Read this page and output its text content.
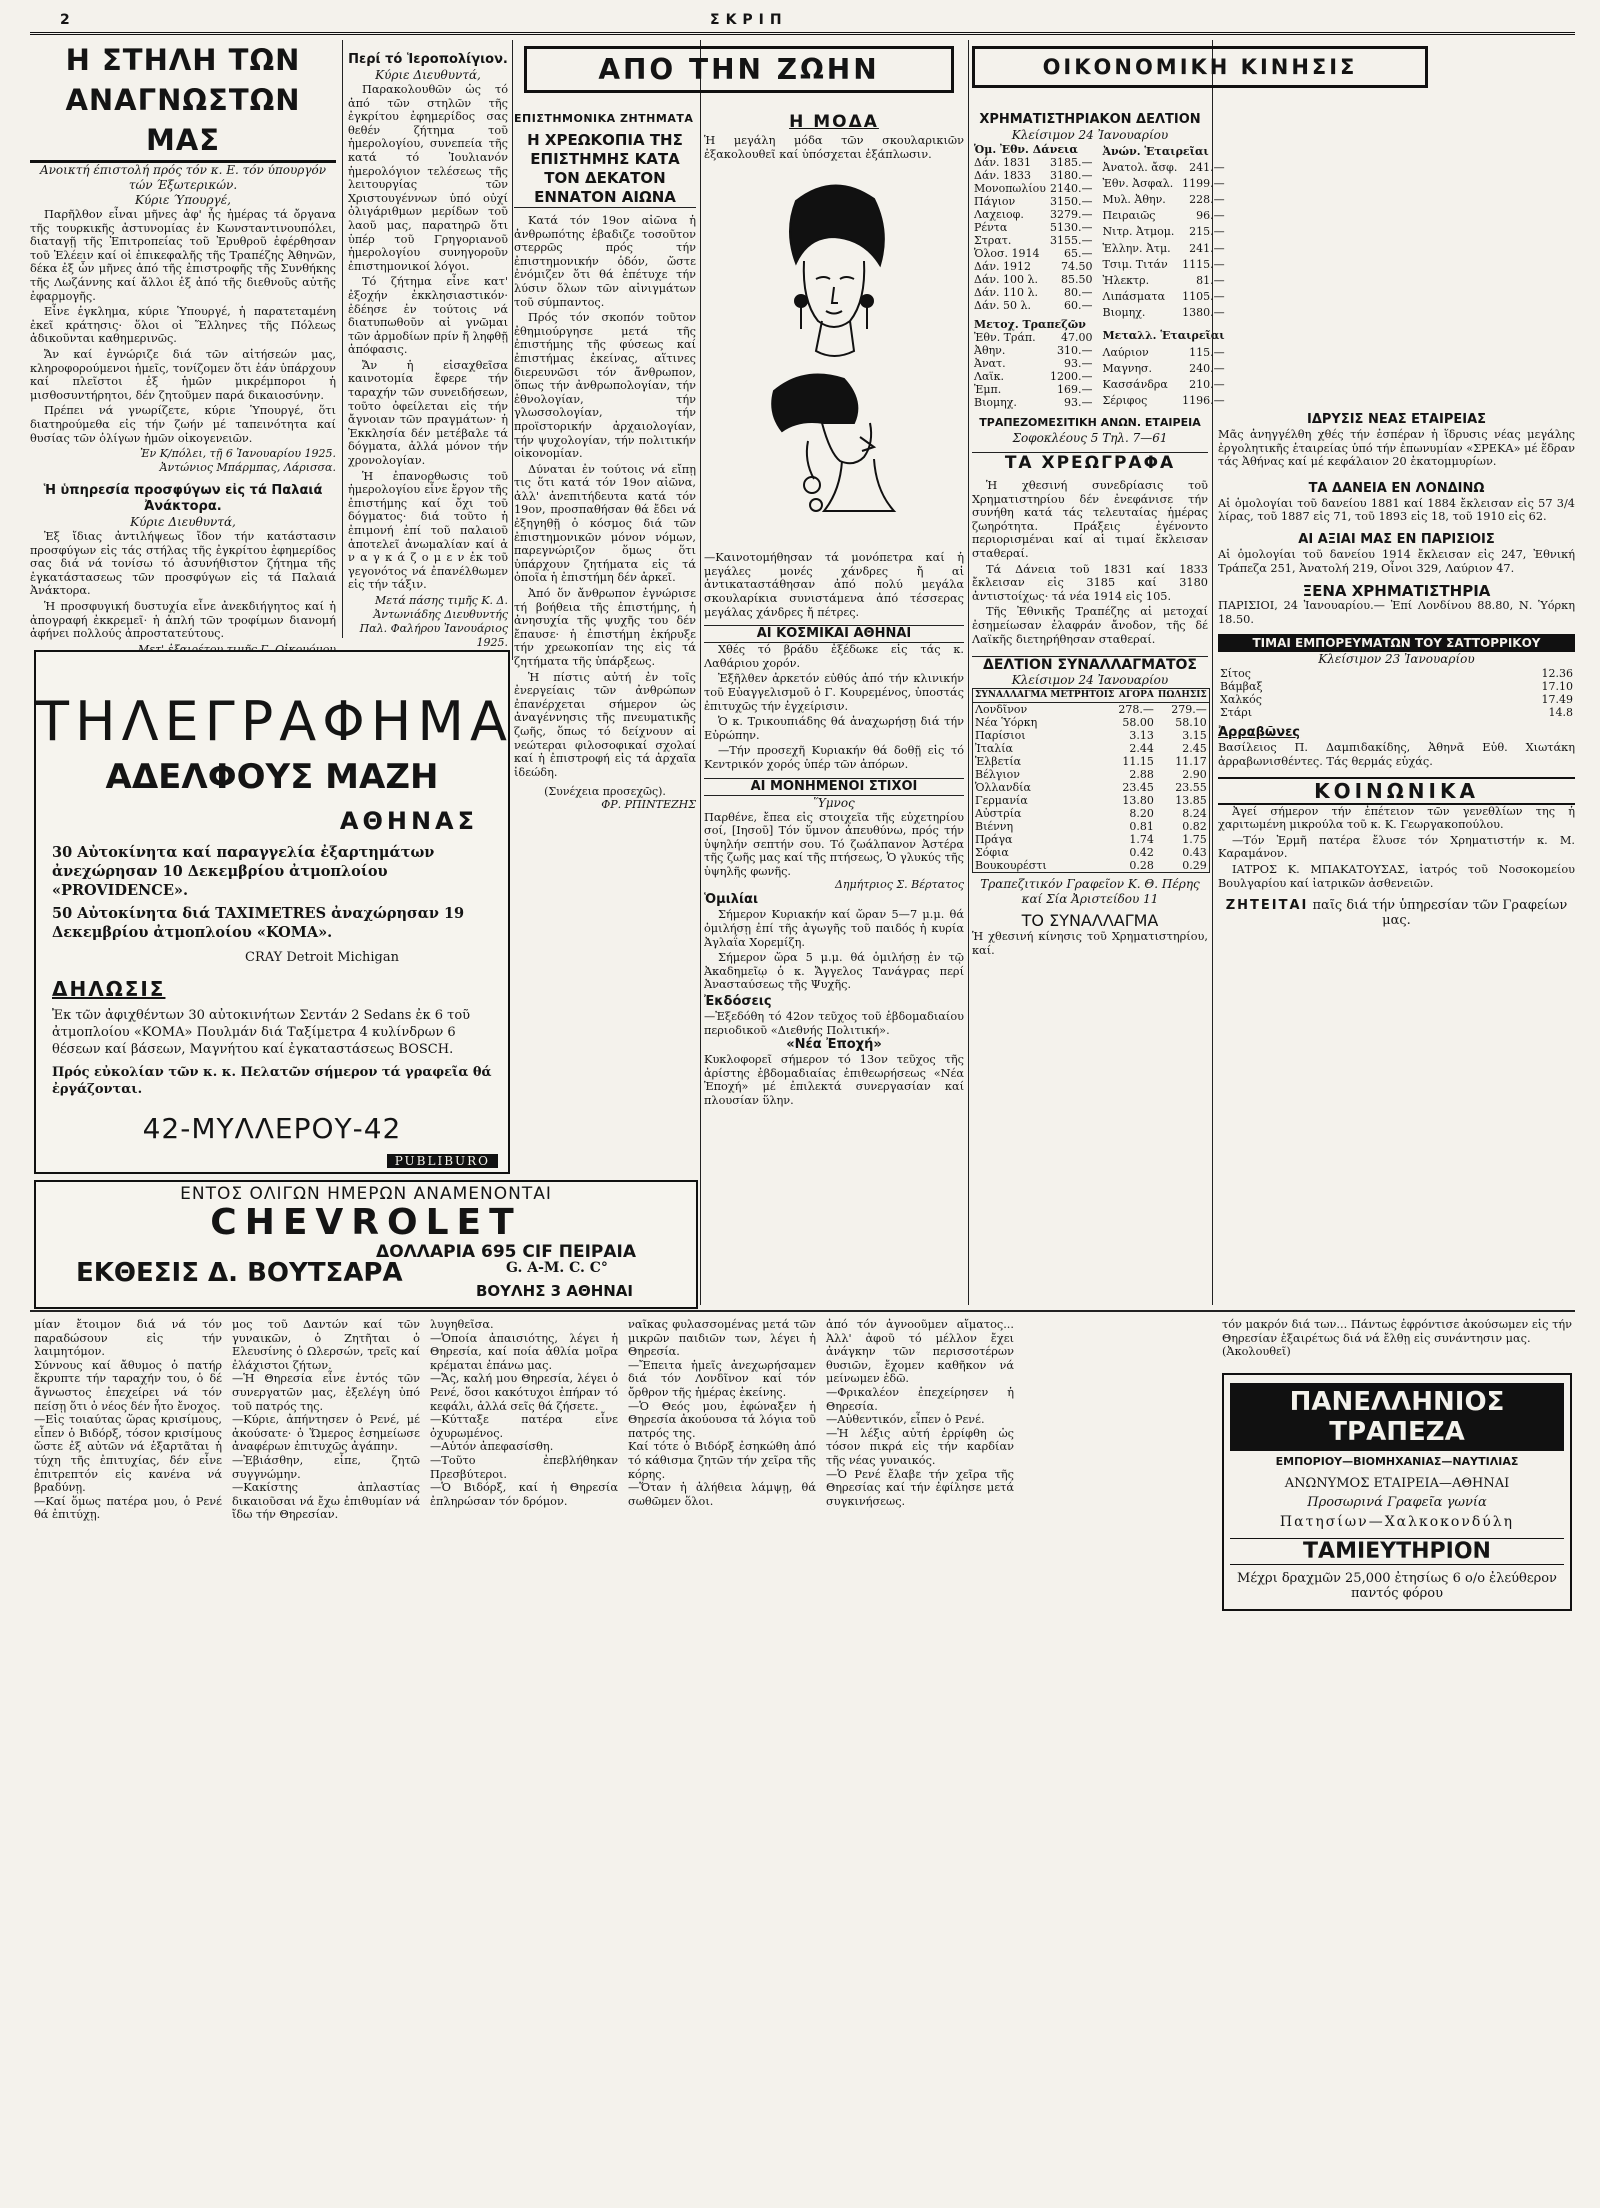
2	ΣΚΡΙΠ
Η ΣΤΗΛΗ ΤΩΝ ΑΝΑΓΝΩΣΤΩΝ ΜΑΣ
Ανοικτή έπιστολή πρός τόν κ. Ε. τόν ύπουργόν τών Έξωτερικών.
Κύριε Ύπουργέ,

Παρῆλθον εἶναι μῆνες ἀφ' ἧς ἡμέρας τά ὄργανα τῆς τουρκικῆς ἀστυνομίας ἐν Κωνσταντινουπόλει, διαταγῇ τῆς Ἐπιτροπείας τοῦ Ἐρυθροῦ ἐφέρθησαν τοῦ Ἐλέειν καί οἱ ἐπικεφαλῆς τῆς Τραπέζης Ἀθηνῶν, δέκα ἐξ ὧν μῆνες ἀπό τῆς ἐπιστροφῆς τῆς Συνθήκης τῆς Λωζάννης καί ἄλλοι ἐξ ἀπό τῆς διεθνοῦς αὐτῆς ἐφαρμογῆς.

Εἶνε ἐγκλημα, κύριε Ὑπουργέ, ἡ παρατεταμένη ἐκεῖ κράτησις· ὅλοι οἱ Ἕλληνες τῆς Πόλεως ἀδικοῦνται καθημερινῶς.

Ἄν καί ἐγνώριζε διά τῶν αἰτήσεών μας, κληροφορούμενοι ἡμεῖς, τονίζομεν ὅτι ἐάν ὑπάρχουν καί πλεῖστοι ἐξ ἡμῶν μικρέμποροι ἡ μισθοσυντήρητοι, δέν ζητοῦμεν παρά δικαιοσύνην.

Πρέπει νά γνωρίζετε, κύριε Ὑπουργέ, ὅτι διατηρούμεθα εἰς τήν ζωήν μέ ταπεινότητα καί θυσίας τῶν ὀλίγων ἡμῶν οἰκογενειῶν.

Ἐν Κ/πόλει, τῇ 6 Ἰανουαρίου 1925.
Ἀντώνιος Μπάρμπας, Λάρισσα.
Ἡ ὑπηρεσία προσφύγων εἰς τά Παλαιά Ἀνάκτορα.
Κύριε Διευθυντά,

Ἐξ ἴδιας ἀντιλήψεως ἴδον τήν κατάστασιν προσφύγων εἰς τάς στήλας τῆς ἐγκρίτου ἐφημερίδος σας διά νά τονίσω τό ἀσυνήθιστον ζήτημα τῆς ἐγκατάστασεως τῶν προσφύγων εἰς τά Παλαιά Ἀνάκτορα.

Ἡ προσφυγική δυστυχία εἶνε ἀνεκδιήγητος καί ἡ ἀπογραφή ἐκκρεμεῖ· ἡ ἁπλή τῶν τροφίμων διανομή ἀφήνει πολλούς ἀπροστατεύτους.

Περί τό Ἱεροπολίγιον.
Κύριε Διευθυντά,

Παρακολουθῶν ὡς τό ἀπό τῶν στηλῶν τῆς ἐγκρίτου ἐφημερίδος σας θεθέν ζήτημα τοῦ ἡμερολογίου, συνεπεία τῆς κατά τό Ἰουλιανόν ἡμερολόγιον τελέσεως τῆς λειτουργίας τῶν Χριστουγέννων ὑπό οὐχί ὀλιγάριθμων μερίδων τοῦ λαοῦ μας, παρατηρῶ ὅτι ὑπέρ τοῦ Γρηγοριανοῦ ἡμερολογίου συνηγοροῦν ἐπιστημονικοί λόγοι.

Τό ζήτημα εἶνε κατ' ἐξοχήν ἐκκλησιαστικόν· ἐδέησε ἐν τούτοις νά διατυπωθοῦν αἱ γνῶμαι τῶν ἁρμοδίων πρίν ἤ ληφθῇ ἀπόφασις.

Ἄν ἡ εἰσαχθεῖσα καινοτομία ἔφερε τήν ταραχήν τῶν συνειδήσεων, τοῦτο ὀφείλεται εἰς τήν ἄγνοιαν τῶν πραγμάτων· ἡ Ἐκκλησία δέν μετέβαλε τά δόγματα, ἀλλά μόνον τήν χρονολογίαν.

Ἡ ἐπανορθωσις τοῦ ἡμερολογίου εἶνε ἔργον τῆς ἐπιστήμης καί ὄχι τοῦ δόγματος· διά τοῦτο ἡ ἐπιμονή ἐπί τοῦ παλαιοῦ ἀποτελεῖ ἀνωμαλίαν καί ἀ ν α γ κ ά ζ ο μ ε ν ἐκ τοῦ γεγονότος νά ἐπανέλθωμεν εἰς τήν τάξιν.

Μετά πάσης τιμῆς Κ. Δ. Ἀντωνιάδης Διευθυντής
Παλ. Φαλήρου Ἰανουάριος 1925.
ΤΗΛΕΓΡΑΦΗΜΑ
ΑΔΕΛΦΟΥΣ ΜΑΖΗ
ΑΘΗΝΑΣ
30 Αὐτοκίνητα καί παραγγελία ἐξαρτημάτων ἀνεχώρησαν 10 Δεκεμβρίου ἀτμοπλοίου «PROVIDENCE».
50 Αὐτοκίνητα διά TAXIMETRES ἀναχώρησαν 19 Δεκεμβρίου ἀτμοπλοίου «KOMA».
CRAY Detroit Michigan
ΔΗΛΩΣΙΣ
Ἐκ τῶν ἀφιχθέντων 30 αὐτοκινήτων Σεντάν 2 Sedans ἐκ 6 τοῦ ἀτμοπλοίου «KOMA» Πουλμάν διά Ταξίμετρα 4 κυλίνδρων 6 θέσεων καί βάσεων, Μαγνήτου καί ἐγκαταστάσεως BOSCH.
Πρός εὐκολίαν τῶν κ. κ. Πελατῶν σήμερον τά γραφεῖα θά ἐργάζονται.
42-ΜΥΛΛΕΡΟΥ-42
PUBLIBURO
ΕΝΤΟΣ ΟΛΙΓΩΝ ΗΜΕΡΩΝ ΑΝΑΜΕΝΟΝΤΑΙ
CHEVROLET
ΔΟΛΛΑΡΙΑ 695 CIF ΠΕΙΡΑΙΑ
ΕΚΘΕΣΙΣ Δ. ΒΟΥΤΣΑΡΑ	G. A-M. C. C°
ΒΟΥΛΗΣ 3 ΑΘΗΝΑΙ
ΑΠΟ ΤΗΝ ΖΩΗΝ
ΕΠΙΣΤΗΜΟΝΙΚΑ ΖΗΤΗΜΑΤΑ
Η ΧΡΕΩΚΟΠΙΑ ΤΗΣ ΕΠΙΣΤΗΜΗΣ ΚΑΤΑ ΤΟΝ ΔΕΚΑΤΟΝ ΕΝΝΑΤΟΝ ΑΙΩΝΑ

Κατά τόν 19ον αἰῶνα ἡ ἀνθρωπότης ἐβαδιζε τοσοῦτον στερρῶς πρός τήν ἐπιστημονικήν ὁδόν, ὥστε ἐνόμιζεν ὅτι θά ἐπέτυχε τήν λύσιν ὅλων τῶν αἰνιγμάτων τοῦ σύμπαντος.

Πρός τόν σκοπόν τοῦτον ἐθημιούργησε μετά τῆς ἐπιστήμης τῆς φύσεως καί ἐπιστήμας ἐκείνας, αἵτινες διερευνῶσι τόν ἄνθρωπον, ὅπως τήν ἀνθρωπολογίαν, τήν ἐθνολογίαν, τήν γλωσσολογίαν, τήν προϊστορικήν ἀρχαιολογίαν, τήν ψυχολογίαν, τήν πολιτικήν οἰκονομίαν.

Δύναται ἐν τούτοις νά εἴπῃ τις ὅτι κατά τόν 19ον αἰῶνα, ἀλλ' ἀνεπιτήδευτα κατά τόν 19ον, προσπαθήσαν θά ἔδει νά ἐξηγηθῇ ὁ κόσμος διά τῶν ἐπιστημονικῶν μόνον νόμων, παρεγνώριζον ὅμως ὅτι ὑπάρχουν ζητήματα εἰς τά ὁποῖα ἡ ἐπιστήμη δέν ἀρκεῖ.

Ἀπό ὅν ἄνθρωπον ἐγνώρισε τή βοήθεια τῆς ἐπιστήμης, ἡ ἀνησυχία τῆς ψυχῆς του δέν ἔπαυσε· ἡ ἐπιστήμη ἐκήρυξε τήν χρεωκοπίαν της εἰς τά ζητήματα τῆς ὑπάρξεως.

Ἡ πίστις αὐτή ἐν τοῖς ἐνεργείαις τῶν ἀνθρώπων ἐπανέρχεται σήμερον ὡς ἀναγέννησις τῆς πνευματικῆς ζωῆς, ὅπως τό δείχνουν αἱ νεώτεραι φιλοσοφικαί σχολαί καί ἡ ἐπιστροφή εἰς τά ἀρχαῖα ἰδεώδη.

(Συνέχεια προσεχῶς).
ΦΡ. ΡΠΙΝΤΕΖΗΣ
Η ΜΟΔΑ
Ἡ μεγάλη μόδα τῶν σκουλαρικιῶν ἐξακολουθεῖ καί ὑπόσχεται ἐξάπλωσιν.
—Καινοτομήθησαν τά μονόπετρα καί ἡ μεγάλες μονές χάνδρες ἤ αἱ ἀντικαταστάθησαν ἀπό πολύ μεγάλα σκουλαρίκια συνιστάμενα ἀπό τέσσερας μεγάλας χάνδρες ἤ πέτρες.
ΑΙ ΚΟΣΜΙΚΑΙ ΑΘΗΝΑΙ

Χθές τό βράδυ ἐξέδωκε εἰς τάς κ. Λαθάριου χορόν.

Ἐξῆλθεν ἀρκετόν εὐθύς ἀπό τήν κλινικήν τοῦ Εὐαγγελισμοῦ ὁ Γ. Κουρεμένος, ὑποστάς ἐπιτυχῶς τήν ἐγχείρισιν.

Ὁ κ. Τρικουπιάδης θά ἀναχωρήσῃ διά τήν Εὐρώπην.

—Τήν προσεχῆ Κυριακήν θά δοθῇ εἰς τό Κεντρικόν χορός ὑπέρ τῶν ἀπόρων.

ΑΙ ΜΟΝΗΜΕΝΟΙ ΣΤΙΧΟΙ
Ὕμνος
Παρθένε, ἔπεα εἰς στοιχεῖα τῆς εὐχετηρίου σοί, [Ιησοῦ] Τόν ὕμνον ἀπευθύνω, πρός τήν ὑψηλήν σεπτήν σου. Τό ζωάλπανον Ἀστέρα τῆς ζωῆς μας καί τῆς πτήσεως, Ὁ γλυκύς τῆς ὑψηλῆς φωνῆς.
Δημήτριος Σ. Βέρτατος
Ὁμιλίαι

Σήμερον Κυριακήν καί ὥραν 5—7 μ.μ. θά ὁμιλήσῃ ἐπί τῆς ἀγωγῆς τοῦ παιδός ἡ κυρία Ἀγλαΐα Χορεμίζη.

Σήμερον ὥρα 5 μ.μ. θά ὁμιλήσῃ ἐν τῷ Ἀκαδημεῖῳ ὁ κ. Ἄγγελος Τανάγρας περί Ἀνασταύσεως τῆς Ψυχῆς.

Ἐκδόσεις
—Ἐξεδόθη τό 42ον τεῦχος τοῦ ἑβδομαδιαίου περιοδικοῦ «Διεθνής Πολιτική».
«Νέα Ἐποχή»
Κυκλοφορεῖ σήμερον τό 13ον τεῦχος τῆς ἀρίστης ἑβδομαδιαίας ἐπιθεωρήσεως «Νέα Ἐποχή» μέ ἐπιλεκτά συνεργασίαν καί πλουσίαν ὕλην.
ΟΙΚΟΝΟΜΙΚΗ ΚΙΝΗΣΙΣ
ΧΡΗΜΑΤΙΣΤΗΡΙΑΚΟΝ ΔΕΛΤΙΟΝ
Κλείσιμον 24 Ἰανουαρίου
Ὁμ. Ἐθν. Δάνεια	
Δάν. 1831	3185.—
Δάν. 1833	3180.—
Μονοπωλίου	2140.—
Πάγιον	3150.—
Λαχειοφ.	3279.—
Ρέντα	5130.—
Στρατ.	3155.—
Ὁλοσ. 1914	65.—
Δάν. 1912	74.50
Δάν. 100 λ.	85.50
Δάν. 110 λ.	80.—
Δάν. 50 λ.	60.—
Μετοχ. Τραπεζῶν	
Ἐθν. Τράπ.	47.00
Ἀθην.	310.—
Ἀνατ.	93.—
Λαϊκ.	1200.—
Ἐμπ.	169.—
Βιομηχ.	93.—
Ἀνών. Ἑταιρεῖαι	
Ἀνατολ. ἄσφ.	241.—
Ἐθν. Ἀσφαλ.	1199.—
Μυλ. Ἀθην.	228.—
Πειραιῶς	96.—
Νιτρ. Ἀτμομ.	215.—
Ἑλλην. Ἀτμ.	241.—
Τσιμ. Τιτάν	1115.—
Ἠλεκτρ.	81.—
Λιπάσματα	1105.—
Βιομηχ.	1380.—
Μεταλλ. Ἑταιρεῖαι	
Λαύριον	115.—
Μαγνησ.	240.—
Κασσάνδρα	210.—
Σέριφος	1196.—
ΤΡΑΠΕΖΟΜΕΣΙΤΙΚΗ ΑΝΩΝ. ΕΤΑΙΡΕΙΑ
Σοφοκλέους 5 Τηλ. 7—61
ΤΑ ΧΡΕΩΓΡΑΦΑ

Ἡ χθεσινή συνεδρίασις τοῦ Χρηματιστηρίου δέν ἐνεφάνισε τήν συνήθη κατά τάς τελευταίας ἡμέρας ζωηρότητα. Πράξεις ἐγένοντο περιορισμέναι καί αἱ τιμαί ἔκλεισαν σταθεραί.

Τά Δάνεια τοῦ 1831 καί 1833 ἔκλεισαν εἰς 3185 καί 3180 ἀντιστοίχως· τά νέα 1914 εἰς 105.

Τῆς Ἐθνικῆς Τραπέζης αἱ μετοχαί ἐσημείωσαν ἐλαφράν ἄνοδον, τῆς δέ Λαϊκῆς διετηρήθησαν σταθεραί.

ΔΕΛΤΙΟΝ ΣΥΝΑΛΛΑΓΜΑΤΟΣ
Κλείσιμον 24 Ἰανουαρίου
ΣΥΝΑΛΛΑΓΜΑ ΜΕΤΡΗΤΟΙΣ	ΑΓΟΡΑ	ΠΩΛΗΣΙΣ
Λονδῖνον	278.—	279.—
Νέα Ὑόρκη	58.00	58.10
Παρίσιοι	3.13	3.15
Ἰταλία	2.44	2.45
Ἑλβετία	11.15	11.17
Βέλγιον	2.88	2.90
Ὁλλανδία	23.45	23.55
Γερμανία	13.80	13.85
Αὐστρία	8.20	8.24
Βιέννη	0.81	0.82
Πράγα	1.74	1.75
Σόφια	0.42	0.43
Βουκουρέστι	0.28	0.29
Τραπεζιτικόν Γραφεῖον Κ. Θ. Πέρης καί Σία Ἀριστείδου 11
ΤΟ ΣΥΝΑΛΛΑΓΜΑ
Ἡ χθεσινή κίνησις τοῦ Χρηματιστηρίου, καί.
ΙΔΡΥΣΙΣ ΝΕΑΣ ΕΤΑΙΡΕΙΑΣ
Μᾶς ἀνηγγέλθη χθές τήν ἐσπέραν ἡ ἵδρυσις νέας μεγάλης ἐργολητικῆς ἑταιρείας ὑπό τήν ἐπωνυμίαν «ΣΡΕΚΑ» μέ ἕδραν τάς Ἀθήνας καί μέ κεφάλαιον 20 ἑκατομμυρίων.
ΤΑ ΔΑΝΕΙΑ ΕΝ ΛΟΝΔΙΝΩ
Αἱ ὁμολογίαι τοῦ δανείου 1881 καί 1884 ἔκλεισαν εἰς 57 3/4 λίρας, τοῦ 1887 εἰς 71, τοῦ 1893 εἰς 18, τοῦ 1910 εἰς 62.
ΑΙ ΑΞΙΑΙ ΜΑΣ ΕΝ ΠΑΡΙΣΙΟΙΣ
Αἱ ὁμολογίαι τοῦ δανείου 1914 ἔκλεισαν εἰς 247, Ἐθνική Τράπεζα 251, Ἀνατολή 219, Οἶνοι 329, Λαύριον 47.
ΞΕΝΑ ΧΡΗΜΑΤΙΣΤΗΡΙΑ
ΠΑΡΙΣΙΟΙ, 24 Ἰανουαρίου.— Ἐπί Λονδίνου 88.80, Ν. Ὑόρκη 18.50.
ΤΙΜΑΙ ΕΜΠΟΡΕΥΜΑΤΩΝ ΤΟΥ ΣΑΤΤΟΡΡΙΚΟΥ
Κλείσιμον 23 Ἰανουαρίου
Σίτος	12.36
Βάμβαξ	17.10
Χαλκός	17.49
Στάρι	14.8
Ἀρραβῶνες
Βασίλειος Π. Δαμπιδακίδης, Ἀθηνᾶ Εὐθ. Χιωτάκη ἀρραβωνισθέντες. Τάς θερμάς εὐχάς.
ΚΟΙΝΩΝΙΚΑ

Ἀγεί σήμερον τήν ἐπέτειον τῶν γενεθλίων της ἡ χαριτωμένη μικρούλα τοῦ κ. Κ. Γεωργακοπούλου.

—Τόν Ἑρμῆ πατέρα ἔλυσε τόν Χρηματιστήν κ. Μ. Καραμάνον.

ΙΑΤΡΟΣ Κ. ΜΠΑΚΑΤΟΥΣΑΣ, ἰατρός τοῦ Νοσοκομείου Βουλγαρίου καί ἰατρικῶν ἀσθενειῶν.

ΖΗΤΕΙΤΑΙ παῖς διά τήν ὑπηρεσίαν τῶν Γραφείων μας.
μίαν ἔτοιμον διά νά τόν παραδώσουν εἰς τήν λαιμητόμον.
Σύννους καί ἄθυμος ὁ πατήρ ἔκρυπτε τήν ταραχήν του, ὁ δέ ἄγνωστος ἐπεχείρει νά τόν πείσῃ ὅτι ὁ νέος δέν ἦτο ἔνοχος.
—Εἰς τοιαύτας ὥρας κρισίμους, εἶπεν ὁ Βιδόρξ, τόσον κρισίμους ὥστε ἐξ αὐτῶν νά ἐξαρτᾶται ἡ τύχη τῆς ἐπιτυχίας, δέν εἶνε ἐπιτρεπτόν εἰς κανένα νά βραδύνῃ.
—Καί ὅμως πατέρα μου, ὁ Ρενέ θά ἐπιτύχῃ.
μος τοῦ Δαντών καί τῶν γυναικῶν, ὁ Ζητῆται ὁ Ελευσίνης ὁ Ωλερσών, τρεῖς καί ἐλάχιστοι ζήτων.
—Ἡ Θηρεσία εἶνε ἐντός τῶν συνεργατῶν μας, ἐξελέγη ὑπό τοῦ πατρός της.
—Κύριε, ἀπήντησεν ὁ Ρενέ, μέ ἀκούσατε· ὁ Ὥμερος ἐσημείωσε ἀναφέρων ἐπιτυχῶς ἀγάπην.
—Ἐβιάσθην, εἶπε, ζητῶ συγγνώμην.
—Κακίστης ἀπλαστίας δικαιοῦσαι νά ἔχω ἐπιθυμίαν νά ἴδω τήν Θηρεσίαν.
λυγηθεῖσα.
—Ὁποία ἀπαισιότης, λέγει ἡ Θηρεσία, καί ποία ἀθλία μοῖρα κρέμαται ἐπάνω μας.
—Ἄς, καλή μου Θηρεσία, λέγει ὁ Ρενέ, ὅσοι κακότυχοι ἐπήραν τό κεφάλι, ἀλλά σεῖς θά ζήσετε.
—Κύτταξε πατέρα εἶνε ὀχυρωμένος.
—Αὐτόν ἀπεφασίσθη.
—Τοῦτο ἐπεβλήθηκαν Πρεσβύτεροι.
—Ὁ Βιδόρξ, καί ἡ Θηρεσία ἐπληρώσαν τόν δρόμον.
ναῖκας φυλασσομένας μετά τῶν μικρῶν παιδιῶν των, λέγει ἡ Θηρεσία.
—Ἔπειτα ἡμεῖς ἀνεχωρήσαμεν διά τόν Λονδῖνον καί τόν ὄρθρον τῆς ἡμέρας ἐκείνης.
—Ὁ Θεός μου, ἐφώναξεν ἡ Θηρεσία ἀκούουσα τά λόγια τοῦ πατρός της.
Καί τότε ὁ Βιδόρξ ἐσηκώθη ἀπό τό κάθισμα ζητῶν τήν χεῖρα τῆς κόρης.
—Ὅταν ἡ ἀλήθεια λάμψῃ, θά σωθῶμεν ὅλοι.
ἀπό τόν ἀγνοοῦμεν αἴματος... Ἀλλ' ἀφοῦ τό μέλλον ἔχει ἀνάγκην τῶν περισσοτέρων θυσιῶν, ἔχομεν καθῆκον νά μείνωμεν ἐδῶ.
—Φρικαλέον ἐπεχείρησεν ἡ Θηρεσία.
—Αὐθεντικόν, εἶπεν ὁ Ρενέ.
—Ἡ λέξις αὐτή ἐρρίφθη ὡς τόσον πικρά εἰς τήν καρδίαν τῆς νέας γυναικός.
—Ὁ Ρενέ ἔλαβε τήν χεῖρα τῆς Θηρεσίας καί τήν ἐφίλησε μετά συγκινήσεως.
τόν μακρόν διά των... Πάντως ἐφρόντισε ἀκούσωμεν εἰς τήν Θηρεσίαν ἐξαιρέτως διά νά ἔλθῃ εἰς συνάντησιν μας.
(Ἀκολουθεῖ)
ΠΑΝΕΛΛΗΝΙΟΣ ΤΡΑΠΕΖΑ
ΕΜΠΟΡΙΟΥ—ΒΙΟΜΗΧΑΝΙΑΣ—ΝΑΥΤΙΛΙΑΣ
ΑΝΩΝΥΜΟΣ ΕΤΑΙΡΕΙΑ—ΑΘΗΝΑΙ
Προσωρινά Γραφεῖα γωνία
Πατησίων—Χαλκοκονδύλη
ΤΑΜΙΕΥΤΗΡΙΟΝ
Μέχρι δραχμῶν 25,000 ἐτησίως 6 ο/ο ἐλεύθερον παντός φόρου
